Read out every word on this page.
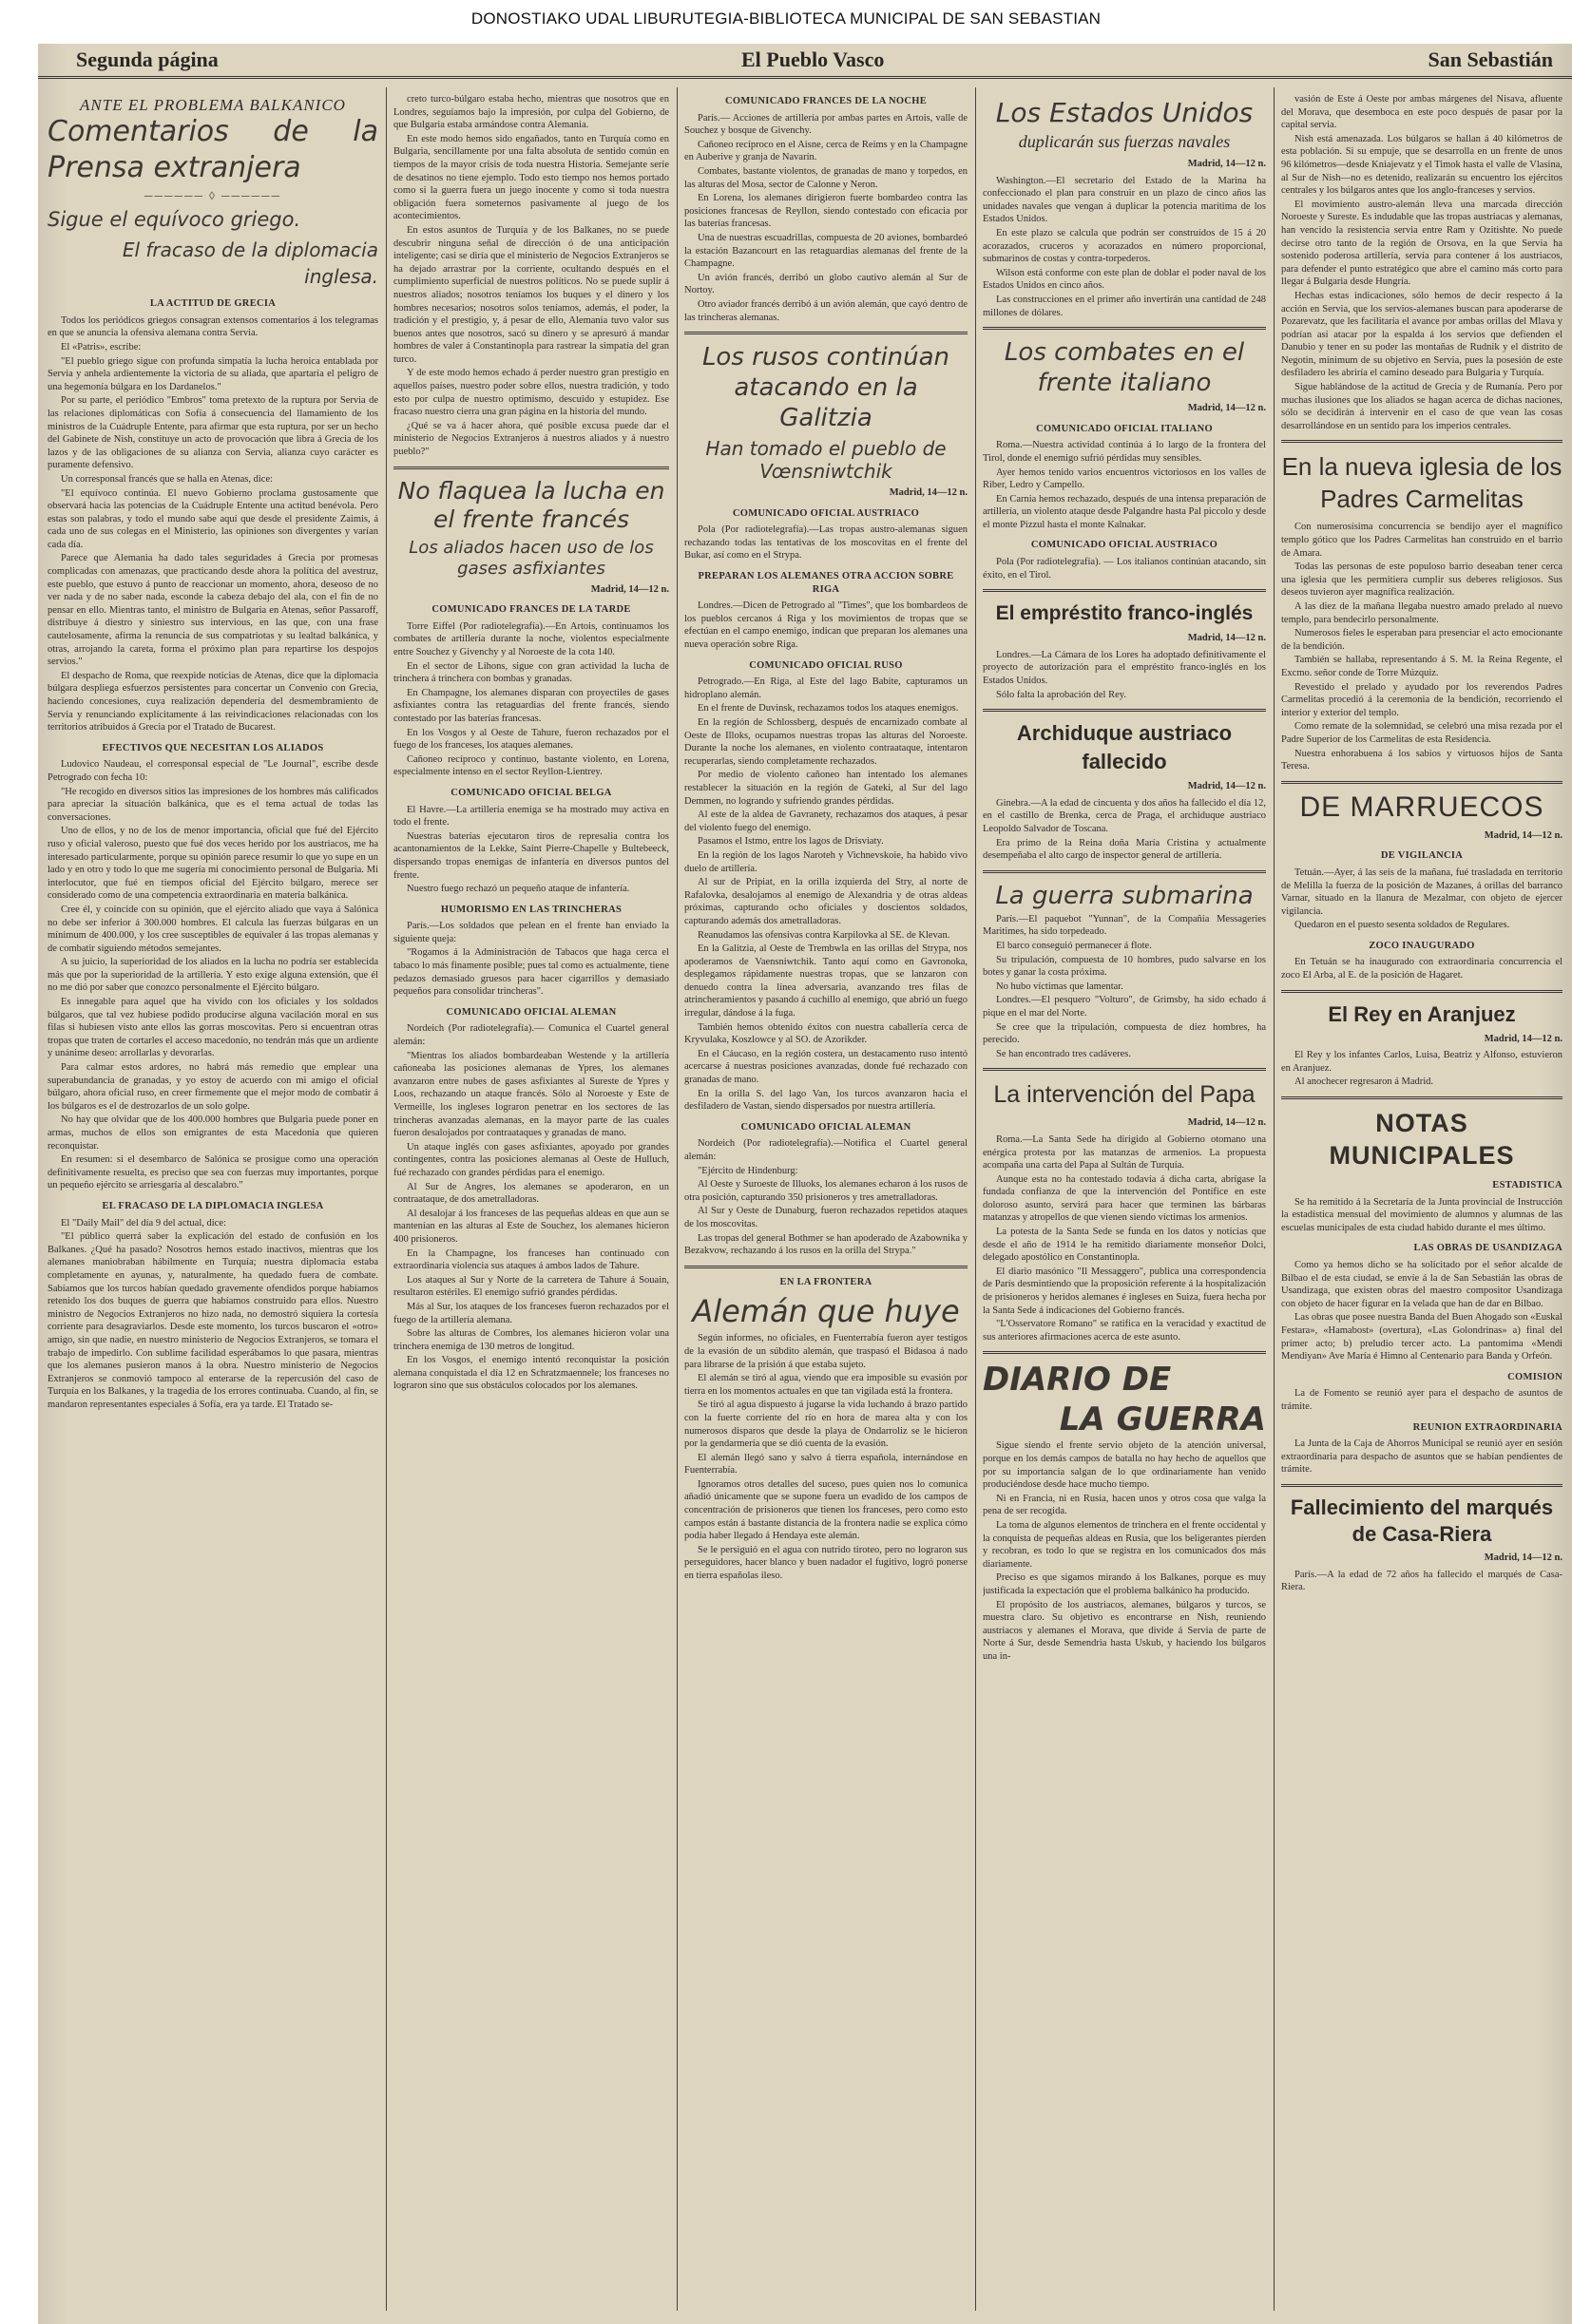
DONOSTIAKO UDAL LIBURUTEGIA-BIBLIOTECA MUNICIPAL DE SAN SEBASTIAN
Segunda página	El Pueblo Vasco	San Sebastián
ANTE EL PROBLEMA BALKANICO
Comentarios de la Prensa extranjera
────── ◊ ──────
Sigue el equívoco griego.
El fracaso de la diplomacia inglesa.
LA ACTITUD DE GRECIA

Todos los periódicos griegos consagran extensos comentarios á los telegramas en que se anuncia la ofensiva alemana contra Servia.

El «Patris», escribe:

"El pueblo griego sigue con profunda simpatía la lucha heroica entablada por Servia y anhela ardientemente la victoria de su aliada, que apartaría el peligro de una hegemonía búlgara en los Dardanelos."

Por su parte, el periódico "Embros" toma pretexto de la ruptura por Servia de las relaciones diplomáticas con Sofía á consecuencia del llamamiento de los ministros de la Cuádruple Entente, para afirmar que esta ruptura, por ser un hecho del Gabinete de Nish, constituye un acto de provocación que libra á Grecia de los lazos y de las obligaciones de su alianza con Servia, alianza cuyo carácter es puramente defensivo.

Un corresponsal francés que se halla en Atenas, dice:

"El equívoco continúa. El nuevo Gobierno proclama gustosamente que observará hacia las potencias de la Cuádruple Entente una actitud benévola. Pero estas son palabras, y todo el mundo sabe aquí que desde el presidente Zaimis, á cada uno de sus colegas en el Ministerio, las opiniones son divergentes y varían cada día.

Parece que Alemania ha dado tales seguridades á Grecia por promesas complicadas con amenazas, que practicando desde ahora la política del avestruz, este pueblo, que estuvo á punto de reaccionar un momento, ahora, deseoso de no ver nada y de no saber nada, esconde la cabeza debajo del ala, con el fin de no pensar en ello. Mientras tanto, el ministro de Bulgaria en Atenas, señor Passaroff, distribuye á diestro y siniestro sus intervious, en las que, con una frase cautelosamente, afirma la renuncia de sus compatriotas y su lealtad balkánica, y otras, arrojando la careta, forma el próximo plan para repartirse los despojos servios."

El despacho de Roma, que reexpide noticias de Atenas, dice que la diplomacia búlgara despliega esfuerzos persistentes para concertar un Convenio con Grecia, haciendo concesiones, cuya realización dependería del desmembramiento de Servia y renunciando explícitamente á las reivindicaciones relacionadas con los territorios atribuidos á Grecia por el Tratado de Bucarest.

EFECTIVOS QUE NECESITAN LOS ALIADOS

Ludovico Naudeau, el corresponsal especial de "Le Journal", escribe desde Petrogrado con fecha 10:

"He recogido en diversos sitios las impresiones de los hombres más calificados para apreciar la situación balkánica, que es el tema actual de todas las conversaciones.

Uno de ellos, y no de los de menor importancia, oficial que fué del Ejército ruso y oficial valeroso, puesto que fué dos veces herido por los austriacos, me ha interesado particularmente, porque su opinión parece resumir lo que yo supe en un lado y en otro y todo lo que me sugería mi conocimiento personal de Bulgaria. Mi interlocutor, que fué en tiempos oficial del Ejército búlgaro, merece ser considerado como de una competencia extraordinaria en materia balkánica.

Cree él, y coincide con su opinión, que el ejército aliado que vaya á Salónica no debe ser inferior á 300.000 hombres. El calcula las fuerzas búlgaras en un mínimum de 400.000, y los cree susceptibles de equivaler á las tropas alemanas y de combatir siguiendo métodos semejantes.

A su juicio, la superioridad de los aliados en la lucha no podría ser establecida más que por la superioridad de la artillería. Y esto exige alguna extensión, que él no me dió por saber que conozco personalmente el Ejército búlgaro.

Es innegable para aquel que ha vivido con los oficiales y los soldados búlgaros, que tal vez hubiese podido producirse alguna vacilación moral en sus filas si hubiesen visto ante ellos las gorras moscovitas. Pero si encuentran otras tropas que traten de cortarles el acceso macedonio, no tendrán más que un ardiente y unánime deseo: arrollarlas y devorarlas.

Para calmar estos ardores, no habrá más remedio que emplear una superabundancia de granadas, y yo estoy de acuerdo con mi amigo el oficial búlgaro, ahora oficial ruso, en creer firmemente que el mejor modo de combatir á los búlgaros es el de destrozarlos de un solo golpe.

No hay que olvidar que de los 400.000 hombres que Bulgaria puede poner en armas, muchos de ellos son emigrantes de esta Macedonia que quieren reconquistar.

En resumen: si el desembarco de Salónica se prosigue como una operación definitivamente resuelta, es preciso que sea con fuerzas muy importantes, porque un pequeño ejército se arriesgaría al descalabro."

EL FRACASO DE LA DIPLOMACIA INGLESA

El "Daily Mail" del día 9 del actual, dice:

"El público querrá saber la explicación del estado de confusión en los Balkanes. ¿Qué ha pasado? Nosotros hemos estado inactivos, mientras que los alemanes maniobraban hábilmente en Turquía; nuestra diplomacia estaba completamente en ayunas, y, naturalmente, ha quedado fuera de combate. Sabíamos que los turcos habían quedado gravemente ofendidos porque habíamos retenido los dos buques de guerra que habíamos construido para ellos. Nuestro ministro de Negocios Extranjeros no hizo nada, no demostró siquiera la cortesía corriente para desagraviarlos. Desde este momento, los turcos buscaron el «otro» amigo, sin que nadie, en nuestro ministerio de Negocios Extranjeros, se tomara el trabajo de impedirlo. Con sublime facilidad esperábamos lo que pasara, mientras que los alemanes pusieron manos á la obra. Nuestro ministerio de Negocios Extranjeros se conmovió tampoco al enterarse de la repercusión del caso de Turquía en los Balkanes, y la tragedia de los errores continuaba. Cuando, al fin, se mandaron representantes especiales á Sofía, era ya tarde. El Tratado se-

creto turco-búlgaro estaba hecho, mientras que nosotros que en Londres, seguíamos bajo la impresión, por culpa del Gobierno, de que Bulgaria estaba armándose contra Alemania.

En este modo hemos sido engañados, tanto en Turquía como en Bulgaria, sencillamente por una falta absoluta de sentido común en tiempos de la mayor crisis de toda nuestra Historia. Semejante serie de desatinos no tiene ejemplo. Todo esto tiempo nos hemos portado como si la guerra fuera un juego inocente y como si toda nuestra obligación fuera someternos pasivamente al juego de los acontecimientos.

En estos asuntos de Turquía y de los Balkanes, no se puede descubrir ninguna señal de dirección ó de una anticipación inteligente; casi se diría que el ministerio de Negocios Extranjeros se ha dejado arrastrar por la corriente, ocultando después en el cumplimiento superficial de nuestros políticos. No se puede suplir á nuestros aliados; nosotros teníamos los buques y el dinero y los hombres necesarios; nosotros solos teníamos, además, el poder, la tradición y el prestigio, y, á pesar de ello, Alemania tuvo valor sus buenos antes que nosotros, sacó su dinero y se apresuró á mandar hombres de valer á Constantinopla para rastrear la simpatía del gran turco.

Y de este modo hemos echado á perder nuestro gran prestigio en aquellos países, nuestro poder sobre ellos, nuestra tradición, y todo esto por culpa de nuestro optimismo, descuido y estupidez. Ese fracaso nuestro cierra una gran página en la historia del mundo.

¿Qué se va á hacer ahora, qué posible excusa puede dar el ministerio de Negocios Extranjeros á nuestros aliados y á nuestro pueblo?"

No flaquea la lucha en el frente francés
Los aliados hacen uso de los gases asfixiantes
Madrid, 14—12 n.
COMUNICADO FRANCES DE LA TARDE

Torre Eiffel (Por radiotelegrafía).—En Artois, continuamos los combates de artillería durante la noche, violentos especialmente entre Souchez y Givenchy y al Noroeste de la cota 140.

En el sector de Lihons, sigue con gran actividad la lucha de trinchera á trinchera con bombas y granadas.

En Champagne, los alemanes disparan con proyectiles de gases asfixiantes contra las retaguardias del frente francés, siendo contestado por las baterías francesas.

En los Vosgos y al Oeste de Tahure, fueron rechazados por el fuego de los franceses, los ataques alemanes.

Cañoneo recíproco y contínuo, bastante violento, en Lorena, especialmente intenso en el sector Reyllon-Lientrey.

COMUNICADO OFICIAL BELGA

El Havre.—La artillería enemiga se ha mostrado muy activa en todo el frente.

Nuestras baterías ejecutaron tiros de represalia contra los acantonamientos de la Lekke, Saint Pierre-Chapelle y Bultebeeck, dispersando tropas enemigas de infantería en diversos puntos del frente.

Nuestro fuego rechazó un pequeño ataque de infantería.

HUMORISMO EN LAS TRINCHERAS

París.—Los soldados que pelean en el frente han enviado la siguiente queja:

"Rogamos á la Administración de Tabacos que haga cerca el tabaco lo más finamente posible; pues tal como es actualmente, tiene pedazos demasiado gruesos para hacer cigarrillos y demasiado pequeños para consolidar trincheras".

COMUNICADO OFICIAL ALEMAN

Nordeich (Por radiotelegrafía).— Comunica el Cuartel general alemán:

"Mientras los aliados bombardeaban Westende y la artillería cañoneaba las posiciones alemanas de Ypres, los alemanes avanzaron entre nubes de gases asfixiantes al Sureste de Ypres y Loos, rechazando un ataque francés. Sólo al Noroeste y Este de Vermeille, los ingleses lograron penetrar en los sectores de las trincheras avanzadas alemanas, en la mayor parte de las cuales fueron desalojados por contraataques y granadas de mano.

Un ataque inglés con gases asfixiantes, apoyado por grandes contingentes, contra las posiciones alemanas al Oeste de Hulluch, fué rechazado con grandes pérdidas para el enemigo.

Al Sur de Angres, los alemanes se apoderaron, en un contraataque, de dos ametralladoras.

Al desalojar á los franceses de las pequeñas aldeas en que aun se mantenían en las alturas al Este de Souchez, los alemanes hicieron 400 prisioneros.

En la Champagne, los franceses han continuado con extraordinaria violencia sus ataques á ambos lados de Tahure.

Los ataques al Sur y Norte de la carretera de Tahure á Souain, resultaron estériles. El enemigo sufrió grandes pérdidas.

Más al Sur, los ataques de los franceses fueron rechazados por el fuego de la artillería alemana.

Sobre las alturas de Combres, los alemanes hicieron volar una trinchera enemiga de 130 metros de longitud.

En los Vosgos, el enemigo intentó reconquistar la posición alemana conquistada el día 12 en Schratzmaennele; los franceses no lograron sino que sus obstáculos colocados por los alemanes.

COMUNICADO FRANCES DE LA NOCHE

París.— Acciones de artillería por ambas partes en Artois, valle de Souchez y bosque de Givenchy.

Cañoneo recíproco en el Aisne, cerca de Reims y en la Champagne en Auberive y granja de Navarín.

Combates, bastante violentos, de granadas de mano y torpedos, en las alturas del Mosa, sector de Calonne y Neron.

En Lorena, los alemanes dirigieron fuerte bombardeo contra las posiciones francesas de Reyllon, siendo contestado con eficacia por las baterías francesas.

Una de nuestras escuadrillas, compuesta de 20 aviones, bombardeó la estación Bazancourt en las retaguardias alemanas del frente de la Champagne.

Un avión francés, derribó un globo cautivo alemán al Sur de Nortoy.

Otro aviador francés derribó á un avión alemán, que cayó dentro de las trincheras alemanas.

Los rusos continúan atacando en la Galitzia
Han tomado el pueblo de Vœnsniwtchik
Madrid, 14—12 n.
COMUNICADO OFICIAL AUSTRIACO

Pola (Por radiotelegrafía).—Las tropas austro-alemanas siguen rechazando todas las tentativas de los moscovitas en el frente del Bukar, así como en el Strypa.

PREPARAN LOS ALEMANES OTRA ACCION SOBRE RIGA

Londres.—Dicen de Petrogrado al "Times", que los bombardeos de los pueblos cercanos á Riga y los movimientos de tropas que se efectúan en el campo enemigo, indican que preparan los alemanes una nueva operación sobre Riga.

COMUNICADO OFICIAL RUSO

Petrogrado.—En Riga, al Este del lago Babite, capturamos un hidroplano alemán.

En el frente de Duvinsk, rechazamos todos los ataques enemigos.

En la región de Schlossberg, después de encarnizado combate al Oeste de Illoks, ocupamos nuestras tropas las alturas del Noroeste. Durante la noche los alemanes, en violento contraataque, intentaron recuperarlas, siendo completamente rechazados.

Por medio de violento cañoneo han intentado los alemanes restablecer la situación en la región de Gateki, al Sur del lago Demmen, no logrando y sufriendo grandes pérdidas.

Al este de la aldea de Gavranety, rechazamos dos ataques, á pesar del violento fuego del enemigo.

Pasamos el Istmo, entre los lagos de Drisviaty.

En la región de los lagos Naroteh y Vichnevskoie, ha habido vivo duelo de artillería.

Al sur de Pripiat, en la orilla izquierda del Stry, al norte de Rafalovka, desalojamos al enemigo de Alexandria y de otras aldeas próximas, capturando ocho oficiales y doscientos soldados, capturando además dos ametralladoras.

Reanudamos las ofensivas contra Karpilovka al SE. de Klevan.

En la Galitzia, al Oeste de Trembwla en las orillas del Strypa, nos apoderamos de Vaensniwtchik. Tanto aquí como en Gavronoka, desplegamos rápidamente nuestras tropas, que se lanzaron con denuedo contra la línea adversaria, avanzando tres filas de atrincheramientos y pasando á cuchillo al enemigo, que abrió un fuego irregular, dándose á la fuga.

También hemos obtenido éxitos con nuestra caballería cerca de Kryvulaka, Koszlowce y al SO. de Azorikder.

En el Cáucaso, en la región costera, un destacamento ruso intentó acercarse á nuestras posiciones avanzadas, donde fué rechazado con granadas de mano.

En la orilla S. del lago Van, los turcos avanzaron hacia el desfiladero de Vastan, siendo dispersados por nuestra artillería.

COMUNICADO OFICIAL ALEMAN

Nordeich (Por radiotelegrafía).—Notifica el Cuartel general alemán:

"Ejército de Hindenburg:

Al Oeste y Suroeste de Illuoks, los alemanes echaron á los rusos de otra posición, capturando 350 prisioneros y tres ametralladoras.

Al Sur y Oeste de Dunaburg, fueron rechazados repetidos ataques de los moscovitas.

Las tropas del general Bothmer se han apoderado de Azabownika y Bezakvow, rechazando á los rusos en la orilla del Strypa."

EN LA FRONTERA
Alemán que huye

Según informes, no oficiales, en Fuenterrabía fueron ayer testigos de la evasión de un súbdito alemán, que traspasó el Bidasoa á nado para librarse de la prisión á que estaba sujeto.

El alemán se tiró al agua, viendo que era imposible su evasión por tierra en los momentos actuales en que tan vigilada está la frontera.

Se tiró al agua dispuesto á jugarse la vida luchando á brazo partido con la fuerte corriente del río en hora de marea alta y con los numerosos disparos que desde la playa de Ondarroliz se le hicieron por la gendarmería que se dió cuenta de la evasión.

El alemán llegó sano y salvo á tierra española, internándose en Fuenterrabía.

Ignoramos otros detalles del suceso, pues quien nos lo comunica añadió únicamente que se supone fuera un evadido de los campos de concentración de prisioneros que tienen los franceses, pero como esto campos están á bastante distancia de la frontera nadie se explica cómo podía haber llegado á Hendaya este alemán.

Se le persiguió en el agua con nutrido tiroteo, pero no lograron sus perseguidores, hacer blanco y buen nadador el fugitivo, logró ponerse en tierra españolas ileso.

Los Estados Unidos
duplicarán sus fuerzas navales
Madrid, 14—12 n.

Washington.—El secretario del Estado de la Marina ha confeccionado el plan para construir en un plazo de cinco años las unidades navales que vengan á duplicar la potencia marítima de los Estados Unidos.

En este plazo se calcula que podrán ser construídos de 15 á 20 acorazados, cruceros y acorazados en número proporcional, submarinos de costas y contra-torpederos.

Wilson está conforme con este plan de doblar el poder naval de los Estados Unidos en cinco años.

Las construcciones en el primer año invertirán una cantidad de 248 millones de dólares.

Los combates en el frente italiano
Madrid, 14—12 n.
COMUNICADO OFICIAL ITALIANO

Roma.—Nuestra actividad continúa á lo largo de la frontera del Tirol, donde el enemigo sufrió pérdidas muy sensibles.

Ayer hemos tenido varios encuentros victoriosos en los valles de Riber, Ledro y Campello.

En Carnia hemos rechazado, después de una intensa preparación de artillería, un violento ataque desde Palgandre hasta Pal piccolo y desde el monte Pizzul hasta el monte Kalnakar.

COMUNICADO OFICIAL AUSTRIACO

Pola (Por radiotelegrafía). — Los italianos continúan atacando, sin éxito, en el Tirol.

El empréstito franco-inglés
Madrid, 14—12 n.

Londres.—La Cámara de los Lores ha adoptado definitivamente el proyecto de autorización para el empréstito franco-inglés en los Estados Unidos.

Sólo falta la aprobación del Rey.

Archiduque austriaco fallecido
Madrid, 14—12 n.

Ginebra.—A la edad de cincuenta y dos años ha fallecido el día 12, en el castillo de Brenka, cerca de Praga, el archiduque austriaco Leopoldo Salvador de Toscana.

Era primo de la Reina doña María Cristina y actualmente desempeñaba el alto cargo de inspector general de artillería.

La guerra submarina

París.—El paquebot "Yunnan", de la Compañía Messageries Maritimes, ha sido torpedeado.

El barco conseguió permanecer á flote.

Su tripulación, compuesta de 10 hombres, pudo salvarse en los botes y ganar la costa próxima.

No hubo víctimas que lamentar.

Londres.—El pesquero "Volturo", de Grimsby, ha sido echado á pique en el mar del Norte.

Se cree que la tripulación, compuesta de diez hombres, ha perecido.

Se han encontrado tres cadáveres.

La intervención del Papa
Madrid, 14—12 n.

Roma.—La Santa Sede ha dirigido al Gobierno otomano una enérgica protesta por las matanzas de armenios. La propuesta acompaña una carta del Papa al Sultán de Turquía.

Aunque esta no ha contestado todavía á dicha carta, abrígase la fundada confianza de que la intervención del Pontífice en este doloroso asunto, servirá para hacer que terminen las bárbaras matanzas y atropellos de que vienen siendo víctimas los armenios.

La potesta de la Santa Sede se funda en los datos y noticias que desde el año de 1914 le ha remitido diariamente monseñor Dolci, delegado apostólico en Constantinopla.

El diario masónico "Il Messaggero", publica una correspondencia de París desmintiendo que la proposición referente á la hospitalización de prisioneros y heridos alemanes é ingleses en Suiza, fuera hecha por la Santa Sede á indicaciones del Gobierno francés.

"L'Osservatore Romano" se ratifica en la veracidad y exactitud de sus anteriores afirmaciones acerca de este asunto.

DIARIO DE
LA GUERRA

Sigue siendo el frente servio objeto de la atención universal, porque en los demás campos de batalla no hay hecho de aquellos que por su importancia salgan de lo que ordinariamente han venido produciéndose desde hace mucho tiempo.

Ni en Francia, ni en Rusia, hacen unos y otros cosa que valga la pena de ser recogida.

La toma de algunos elementos de trinchera en el frente occidental y la conquista de pequeñas aldeas en Rusia, que los beligerantes pierden y recobran, es todo lo que se registra en los comunicados dos más diariamente.

Preciso es que sigamos mirando á los Balkanes, porque es muy justificada la expectación que el problema balkánico ha producido.

El propósito de los austriacos, alemanes, búlgaros y turcos, se muestra claro. Su objetivo es encontrarse en Nish, reuniendo austriacos y alemanes el Morava, que divide á Servia de parte de Norte á Sur, desde Semendria hasta Uskub, y haciendo los búlgaros una in-

vasión de Este á Oeste por ambas márgenes del Nisava, afluente del Morava, que desemboca en este poco después de pasar por la capital servia.

Nish está amenazada. Los búlgaros se hallan á 40 kilómetros de esta población. Si su empuje, que se desarrolla en un frente de unos 96 kilómetros—desde Kniajevatz y el Timok hasta el valle de Vlasina, al Sur de Nish—no es detenido, realizarán su encuentro los ejércitos centrales y los búlgaros antes que los anglo-franceses y servios.

El movimiento austro-alemán lleva una marcada dirección Noroeste y Sureste. Es indudable que las tropas austriacas y alemanas, han vencido la resistencia servia entre Ram y Ozitishte. No puede decirse otro tanto de la región de Orsova, en la que Servia ha sostenido poderosa artillería, servía para contener á los austriacos, para defender el punto estratégico que abre el camino más corto para llegar á Bulgaria desde Hungría.

Hechas estas indicaciones, sólo hemos de decir respecto á la acción en Servia, que los servios-alemanes buscan para apoderarse de Pozarevatz, que les facilitaría el avance por ambas orillas del Mlava y podrían así atacar por la espalda á los servios que defienden el Danubio y tener en su poder las montañas de Rudnik y el distrito de Negotin, mínimum de su objetivo en Servia, pues la posesión de este desfiladero les abriría el camino deseado para Bulgaria y Turquía.

Sigue hablándose de la actitud de Grecia y de Rumanía. Pero por muchas ilusiones que los aliados se hagan acerca de dichas naciones, sólo se decidirán á intervenir en el caso de que vean las cosas desarrollándose en un sentido para los imperios centrales.

En la nueva iglesia de los Padres Carmelitas

Con numerosísima concurrencia se bendijo ayer el magnífico templo gótico que los Padres Carmelitas han construido en el barrio de Amara.

Todas las personas de este populoso barrio deseaban tener cerca una iglesia que les permitiera cumplir sus deberes religiosos. Sus deseos tuvieron ayer magnífica realización.

A las diez de la mañana llegaba nuestro amado prelado al nuevo templo, para bendecirlo personalmente.

Numerosos fieles le esperaban para presenciar el acto emocionante de la bendición.

También se hallaba, representando á S. M. la Reina Regente, el Excmo. señor conde de Torre Múzquiz.

Revestido el prelado y ayudado por los reverendos Padres Carmelitas procedió á la ceremonia de la bendición, recorriendo el interior y exterior del templo.

Como remate de la solemnidad, se celebró una misa rezada por el Padre Superior de los Carmelitas de esta Residencia.

Nuestra enhorabuena á los sabios y virtuosos hijos de Santa Teresa.

DE MARRUECOS
Madrid, 14—12 n.
DE VIGILANCIA

Tetuán.—Ayer, á las seis de la mañana, fué trasladada en territorio de Melilla la fuerza de la posición de Mazanes, á orillas del barranco Varnar, situado en la llanura de Mezalmar, con objeto de ejercer vigilancia.

Quedaron en el puesto sesenta soldados de Regulares.

ZOCO INAUGURADO

En Tetuán se ha inaugurado con extraordinaria concurrencia el zoco El Arba, al E. de la posición de Hagaret.

El Rey en Aranjuez
Madrid, 14—12 n.

El Rey y los infantes Carlos, Luisa, Beatriz y Alfonso, estuvieron en Aranjuez.

Al anochecer regresaron á Madrid.

NOTAS MUNICIPALES
ESTADISTICA

Se ha remitido á la Secretaría de la Junta provincial de Instrucción la estadística mensual del movimiento de alumnos y alumnas de las escuelas municipales de esta ciudad habido durante el mes último.

LAS OBRAS DE USANDIZAGA

Como ya hemos dicho se ha solicitado por el señor alcalde de Bilbao el de esta ciudad, se envíe á la de San Sebastián las obras de Usandizaga, que existen obras del maestro compositor Usandizaga con objeto de hacer figurar en la velada que han de dar en Bilbao.

Las obras que posee nuestra Banda del Buen Ahogado son «Euskal Festara», «Hamabost» (overtura), «Las Golondrinas» a) final del primer acto; b) preludio tercer acto. La pantomima «Mendi Mendiyan» Ave María é Himno al Centenario para Banda y Orfeón.

COMISION

La de Fomento se reunió ayer para el despacho de asuntos de trámite.

REUNION EXTRAORDINARIA

La Junta de la Caja de Ahorros Municipal se reunió ayer en sesión extraordinaria para despacho de asuntos que se habían pendientes de trámite.

Fallecimiento del marqués de Casa-Riera
Madrid, 14—12 n.

París.—A la edad de 72 años ha fallecido el marqués de Casa-Riera.
